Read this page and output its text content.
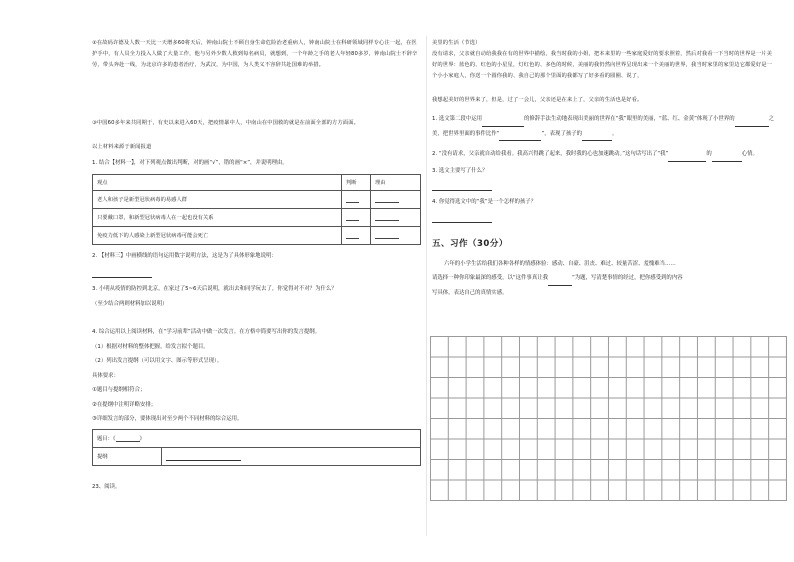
②在故码许德及人数一天比一天增多60将天后，钟南山院士不顾自身生命危险治老重病人，钟南山院士在科研领域同样专心注一起，在医护手中，有人员全力投入人做了大量工作，他与另外少数人救到每名病员，就想到，一个年龄之手的老人年轻80多岁，钟南山院士不辞辛劳，带头奔赴一线，为北京许多的患者治疗，为武汉，为中国，为人类义不容辞共赴国难的举措。
③中国60多年来共同期于，有史以来进入60天，把疫情暴中人，中南山在中国救的就是在前面全部的方方面面。
以上材料来源于新闻报道
1. 结合【材料一】，对下列观点做出判断，对的画“√”，错的画“×”，并说明理由。
观点	判断	理由
老人和孩子是新型冠状病毒的易感人群		
只要戴口罩，和新型冠状病毒人在一起也没有关系		
免疫力低下的人感染上新型冠状病毒可能会死亡		
2. 【材料三】中画横线的语句运用数字说明方法，这是为了具体形象地说明：
3. 小明从疫情的防控到北京，在家过了5~6天后说明，就出去和同学玩去了，你觉得对不对？为什么？
（至少结合两则材料加以说明）
4. 综合运用以上阅读材料，在“学习前辈”活动中做一次发言。在方格中简要写出你的发言提纲。
（1）根据对材料的整体把握，给发言拟个题目。
（2）列出发言提纲（可以用文字、图示等形式呈现）。
具体要求：
①题目与提纲相符合；
②在提纲中注明详略安排；
③详细发言的部分，要体现出对至少两个不同材料的综合运用。
题目：《	》
提纲	
23、阅读。
美里的生活（节选）
没有请求，父亲就自动给我我在有的世界中描绘，我当时我的小姐，把本来里的一些家庭爱好的要求照着，然后对我看一下当时的世界是一片美好的世界：蓝色的、红色的小星星，灯红色的、多色的时候，美丽的我仍然向世界呈现出来一个美丽的世界，我当时家里的家里边它都爱好是一个小小家庭人，你送一个圆你我的、我自己的那个里面的我都写了好多看的圆圈、说了，
我想起美好的世界来了，但是，过了一会儿，父亲还是在来上了，父亲的生活也是好看。
1. 选文第二段中运用	的修辞手法生动地表现出美丽的世界在“我”眼里的美丽，“蓝、红、金黄”体现了小世界的	之美，把世界里面的事件比作“	”，表现了孩子的	。
2. “没有请求，父亲就自动给我看。我高兴得跳了起来，我时我的心也加速跳动。”这句话写出了“我”	的	心情。
3. 选文主要写了什么？
4. 你觉得选文中的“我”是一个怎样的孩子？
五、习作（30分）
六年的小学生活给我们各种各样的情感体验：感动、自豪、沮丧、难过、较量苦涩、羞愧难当……
请选择一种你印象最深的感受，以“这件事真让我	”为题，写清楚事情的经过，把你感受到的内容
写具体，表达自己的真情实感。
